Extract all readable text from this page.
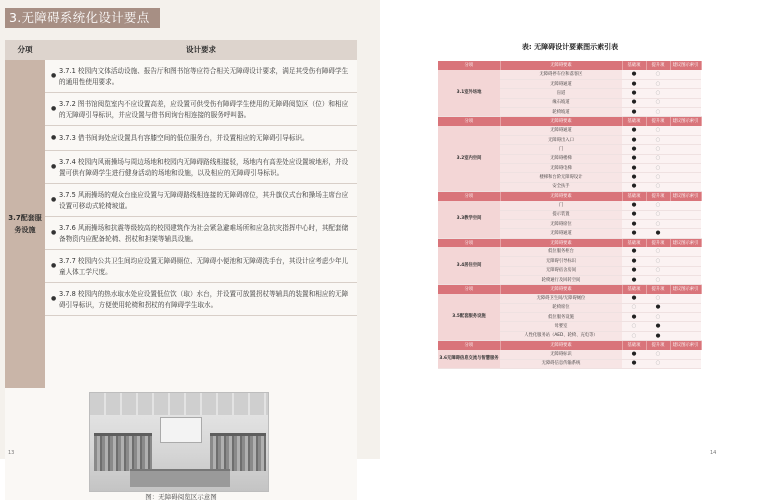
3.无障碍系统化设计要点
分项	设计要求
3.7配套服务设施
●
3.7.1 校园内文体活动设施、报告厅和图书馆等应符合相关无障碍设计要求，满足其受伤有障碍学生的通用性使用要求。
●
3.7.2 图书馆阅览室内不应设置高差，应设置可供受伤有障碍学生使用的无障碍阅览区（位）和相应的无障碍引导标识，并应设置与借书间询台相连接的服务呼叫器。
● 3.7.3 借书间询处应设置具有容膝空间的低位服务台，并设置相应的无障碍引导标识。
●
3.7.4 校园内风雨操场与周边场地和校园内无障碍路线相接驳，场地内有高差处应设置坡地形，并设置可供有障碍学生进行健身活动的场地和设施，以及相应的无障碍引导标识。
●
3.7.5 风雨操场的观众台座应设置与无障碍路线相连接的无障碍席位，其升旗仪式台和操场主席台应设置可移动式轮椅坡道。
●
3.7.6 风雨操场和抗震等级较高的校园建筑作为社会紧急避难场所和应急抗灾指挥中心时，其配套储备物资内应配备轮椅、拐杖和担架等辅具设施。
●
3.7.7 校园内公共卫生间均应设置无障碍厕位、无障碍小便池和无障碍洗手台，其设计应考虑少年儿童人体工学尺度。
●
3.7.8 校园内的热水取水处应设置低位饮（取）水台，并设置可放置拐杖等辅具的装置和相应的无障碍引导标识，方便使用轮椅和拐杖的有障碍学生取水。
图：无障碍阅览区示意图
13
表: 无障碍设计要素图示索引表
分项	无障碍要素	基础项	提升项	建议图示索引
3.1室外场地	无障碍停车位和落客区	●	○	
	无障碍通道	●	○	
	盲道	●	○	
	缘石坡道	●	○	
	轮椅坡道	●	○	
分项	无障碍要素	基础项	提升项	建议图示索引
3.2室内空间	无障碍通道	●	○	
	无障碍出入口	●	○	
	门	●	○	
	无障碍楼梯	●	○	
	无障碍电梯	●	○	
	楼梯和台阶无障碍设计	●	○	
	安全扶手	●	○	
分项	无障碍要素	基础项	提升项	建议图示索引
3.3教学空间	门	●	○	
	提示装置	●	○	
	无障碍席位	●	○	
	无障碍通道	●	●	
分项	无障碍要素	基础项	提升项	建议图示索引
3.4居住空间	低位服务柜台	●	○	
	无障碍引导标识	●	○	
	无障碍宿舍房间	●	○	
	轮椅通行及回转空间	●	○	
分项	无障碍要素	基础项	提升项	建议图示索引
3.5配套服务设施	无障碍卫生间/无障碍厕位	●	○	
	轮椅席位	○	●	
	低位服务设施	●	○	
	母婴室	○	●	
	人性化服务站（AED、轮椅、充电等）	○	●	
分项	无障碍要素	基础项	提升项	建议图示索引
3.6无障碍信息交流与智慧服务	无障碍标识	●	○	
	无障碍信息传输系统	●	○	
14
